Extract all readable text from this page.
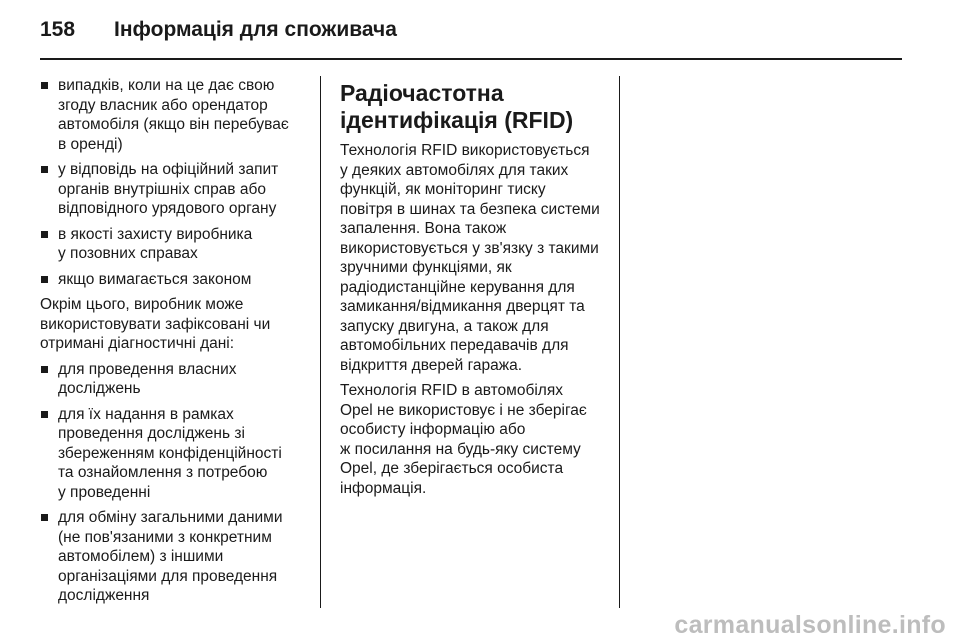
158	Інформація для споживача
випадків, коли на це дає свою
згоду власник або орендатор
автомобіля (якщо він перебуває
в оренді)
у відповідь на офіційний запит
органів внутрішніх справ або
відповідного урядового органу
в якості захисту виробника
у позовних справах
якщо вимагається законом
Окрім цього, виробник може
використовувати зафіксовані чи
отримані діагностичні дані:
для проведення власних
досліджень
для їх надання в рамках
проведення досліджень зі
збереженням конфіденційності
та ознайомлення з потребою
у проведенні
для обміну загальними даними
(не пов'язаними з конкретним
автомобілем) з іншими
організаціями для проведення
дослідження
Радіочастотна
ідентифікація (RFID)
Технологія RFID використовується
у деяких автомобілях для таких
функцій, як моніторинг тиску
повітря в шинах та безпека системи
запалення. Вона також
використовується у зв'язку з такими
зручними функціями, як
радіодистанційне керування для
замикання/відмикання дверцят та
запуску двигуна, а також для
автомобільних передавачів для
відкриття дверей гаража.
Технологія RFID в автомобілях
Opel не використовує і не зберігає
особисту інформацію або
ж посилання на будь-яку систему
Opel, де зберігається особиста
інформація.
carmanualsonline.info
